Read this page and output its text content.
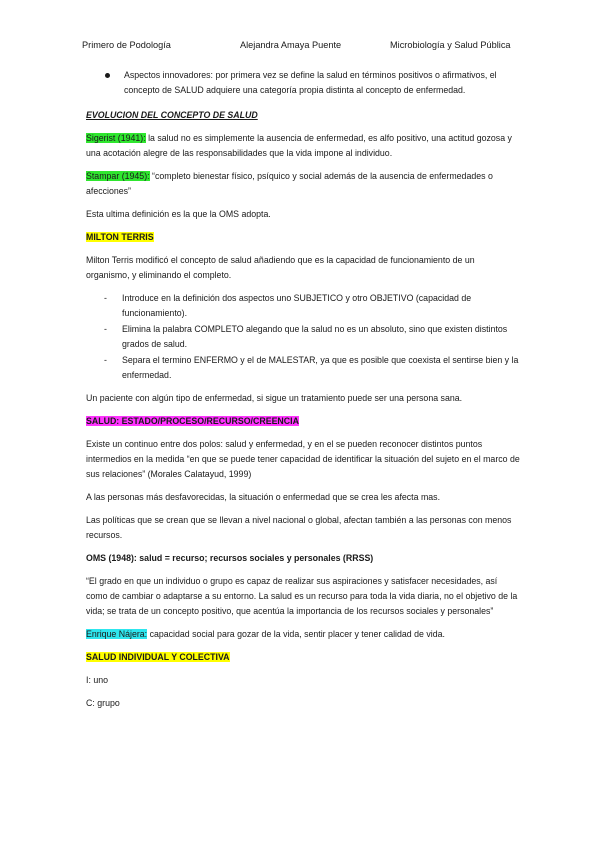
Primero de Podología	Alejandra Amaya Puente	Microbiología y Salud Pública
Aspectos innovadores: por primera vez se define la salud en términos positivos o afirmativos, el concepto de SALUD adquiere una categoría propia distinta al concepto de enfermedad.

EVOLUCION DEL CONCEPTO DE SALUD

Sigerist (1941): la salud no es simplemente la ausencia de enfermedad, es alfo positivo, una actitud gozosa y una acotación alegre de las responsabilidades que la vida impone al individuo.

Stampar (1945): “completo bienestar físico, psíquico y social además de la ausencia de enfermedades o afecciones”

Esta ultima definición es la que la OMS adopta.

MILTON TERRIS

Milton Terris modificó el concepto de salud añadiendo que es la capacidad de funcionamiento de un organismo, y eliminando el completo.

- Introduce en la definición dos aspectos uno SUBJETICO y otro OBJETIVO (capacidad de funcionamiento).
- Elimina la palabra COMPLETO alegando que la salud no es un absoluto, sino que existen distintos grados de salud.
- Separa el termino ENFERMO y el de MALESTAR, ya que es posible que coexista el sentirse bien y la enfermedad.

Un paciente con algún tipo de enfermedad, si sigue un tratamiento puede ser una persona sana.

SALUD: ESTADO/PROCESO/RECURSO/CREENCIA

Existe un continuo entre dos polos: salud y enfermedad, y en el se pueden reconocer distintos puntos intermedios en la medida “en que se puede tener capacidad de identificar la situación del sujeto en el marco de sus relaciones” (Morales Calatayud, 1999)

A las personas más desfavorecidas, la situación o enfermedad que se crea les afecta mas.

Las políticas que se crean que se llevan a nivel nacional o global, afectan también a las personas con menos recursos.

OMS (1948): salud = recurso; recursos sociales y personales (RRSS)

“El grado en que un individuo o grupo es capaz de realizar sus aspiraciones y satisfacer necesidades, así como de cambiar o adaptarse a su entorno. La salud es un recurso para toda la vida diaria, no el objetivo de la vida; se trata de un concepto positivo, que acentúa la importancia de los recursos sociales y personales”

Enrique Nájera: capacidad social para gozar de la vida, sentir placer y tener calidad de vida.

SALUD INDIVIDUAL Y COLECTIVA

I: uno

C: grupo
